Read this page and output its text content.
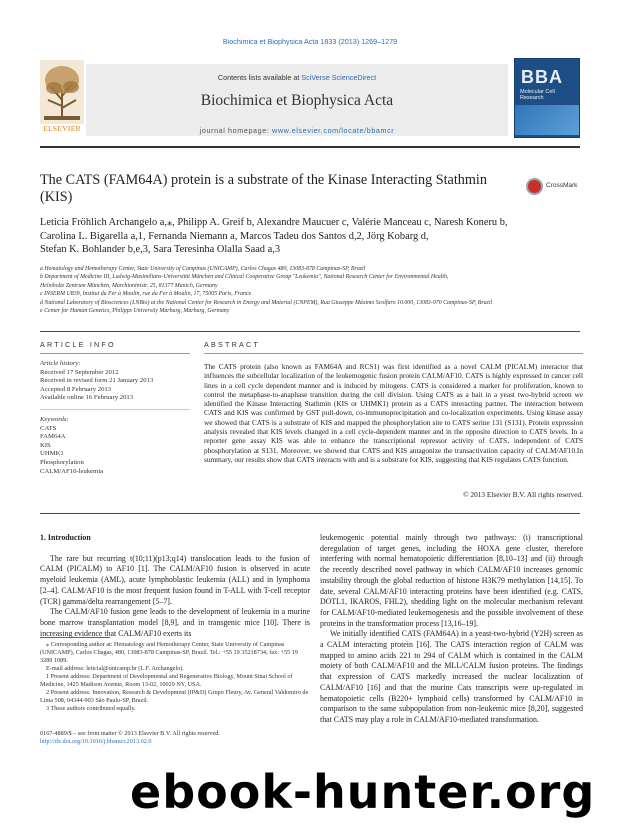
Biochimica et Biophysica Acta 1833 (2013) 1269–1279
Contents lists available at SciVerse ScienceDirect
Biochimica et Biophysica Acta
journal homepage: www.elsevier.com/locate/bbamcr
ELSEVIER
BBA
Molecular Cell Research
The CATS (FAM64A) protein is a substrate of the Kinase Interacting Stathmin (KIS)
CrossMark
Leticia Fröhlich Archangelo a,⁎, Philipp A. Greif b, Alexandre Maucuer c, Valérie Manceau c, Naresh Koneru b,
Carolina L. Bigarella a,1, Fernanda Niemann a, Marcos Tadeu dos Santos d,2, Jörg Kobarg d,
Stefan K. Bohlander b,e,3, Sara Teresinha Olalla Saad a,3
a Hematology and Hemotherapy Center, State University of Campinas (UNICAMP), Carlos Chagas 480, 13083-878 Campinas-SP, Brazil
b Department of Medicine III, Ludwig-Maximilians-Universität München and Clinical Cooperative Group "Leukemia", National Research Center for Environmental Health,
Helmholtz Zentrum München, Marchioninistr. 25, 81377 Munich, Germany
c INSERM U839, Institut du Fer à Moulin, rue du Fer à Moulin, 17, 75005 Paris, France
d National Laboratory of Biosciences (LNBio) at the National Center for Research in Energy and Material (CNPEM), Rua Giuseppe Máximo Scolfaro 10.000, 13083-970 Campinas-SP, Brazil
e Center for Human Genetics, Philipps University Marburg, Marburg, Germany
ARTICLE INFO	ABSTRACT
Article history:
Received 17 September 2012
Received in revised form 21 January 2013
Accepted 8 February 2013
Available online 16 February 2013
Keywords:
CATS
FAM64A
KIS
UHMK1
Phosphorylation
CALM/AF10-leukemia
The CATS protein (also known as FAM64A and RCS1) was first identified as a novel CALM (PICALM) interactor that influences the subcellular localization of the leukemogenic fusion protein CALM/AF10. CATS is highly expressed in cancer cell lines in a cell cycle dependent manner and is induced by mitogens. CATS is considered a marker for proliferation, known to control the metaphase-to-anaphase transition during the cell division. Using CATS as a bait in a yeast two-hybrid screen we identified the Kinase Interacting Stathmin (KIS or UHMK1) protein as a CATS interacting partner. The interaction between CATS and KIS was confirmed by GST pull-down, co-immunoprecipitation and co-localization experiments. Using kinase assay we showed that CATS is a substrate of KIS and mapped the phosphorylation site to CATS serine 131 (S131). Protein expression analysis revealed that KIS levels changed in a cell cycle-dependent manner and in the opposite direction to CATS levels. In a reporter gene assay KIS was able to enhance the transcriptional repressor activity of CATS, independent of CATS phosphorylation at S131. Moreover, we showed that CATS and KIS antagonize the transactivation capacity of CALM/AF10.In summary, our results show that CATS interacts with and is a substrate for KIS, suggesting that KIS regulates CATS function.
© 2013 Elsevier B.V. All rights reserved.
1. Introduction

The rare but recurring t(10;11)(p13;q14) translocation leads to the fusion of CALM (PICALM) to AF10 [1]. The CALM/AF10 fusion is observed in acute myeloid leukemia (AML), acute lymphoblastic leukemia (ALL) and in lymphoma [2–4]. CALM/AF10 is the most frequent fusion found in T-ALL with T-cell receptor (TCR) gamma/delta rearrangement [5–7].

The CALM/AF10 fusion gene leads to the development of leukemia in a murine bone marrow transplantation model [8,9], and in transgenic mice [10]. There is increasing evidence that CALM/AF10 exerts its

leukemogenic potential mainly through two pathways: (i) transcriptional deregulation of target genes, including the HOXA gene cluster, therefore interfering with normal hematopoietic differentiation [8,10–13] and (ii) through the recently described novel pathway in which CALM/AF10 increases genomic instability through the global reduction of histone H3K79 methylation [14,15]. To date, several CALM/AF10 interacting proteins have been identified (e.g. CATS, DOTL1, IKAROS, FHL2), shedding light on the molecular mechanism relevant for CALM/AF10-mediated leukemogenesis and the possible involvement of these proteins in the transformation process [13,16–19].

We initially identified CATS (FAM64A) in a yeast-two-hybrid (Y2H) screen as a CALM interacting protein [16]. The CATS interaction region of CALM was mapped to amino acids 221 to 294 of CALM which is contained in the CALM moiety of both CALM/AF10 and the MLL/CALM fusion proteins. The findings that expression of CATS markedly increased the nuclear localization of CALM/AF10 [16] and that the murine Cats transcripts were up-regulated in hematopoietic cells (B220+ lymphoid cells) transformed by CALM/AF10 in comparison to the same subpopulation from non-leukemic mice [8,20], suggested that CATS may play a role in CALM/AF10-mediated transformation.

⁎ Corresponding author at: Hematology and Hemotherapy Center, State University of Campinas (UNICAMP), Carlos Chagas, 480, 13083-878 Campinas-SP, Brazil. Tel.: +55 19 35218734; fax: +55 19 3289 1089.

E-mail address: leticial@unicamp.br (L.F. Archangelo).

1 Present address: Department of Developmental and Regenerative Biology, Mount Sinai School of Medicine, 1425 Madison Avenue, Room 13-02, 10029 NY, USA.

2 Present address: Innovation, Research & Development (IP&D) Grupo Fleury, Av. General Valdomiro de Lima 508, 04344-903 São Paulo-SP, Brazil.

3 These authors contributed equally.

0167-4889/$ – see front matter © 2013 Elsevier B.V. All rights reserved.
http://dx.doi.org/10.1016/j.bbamcr.2013.02.0
ebook-hunter.org
